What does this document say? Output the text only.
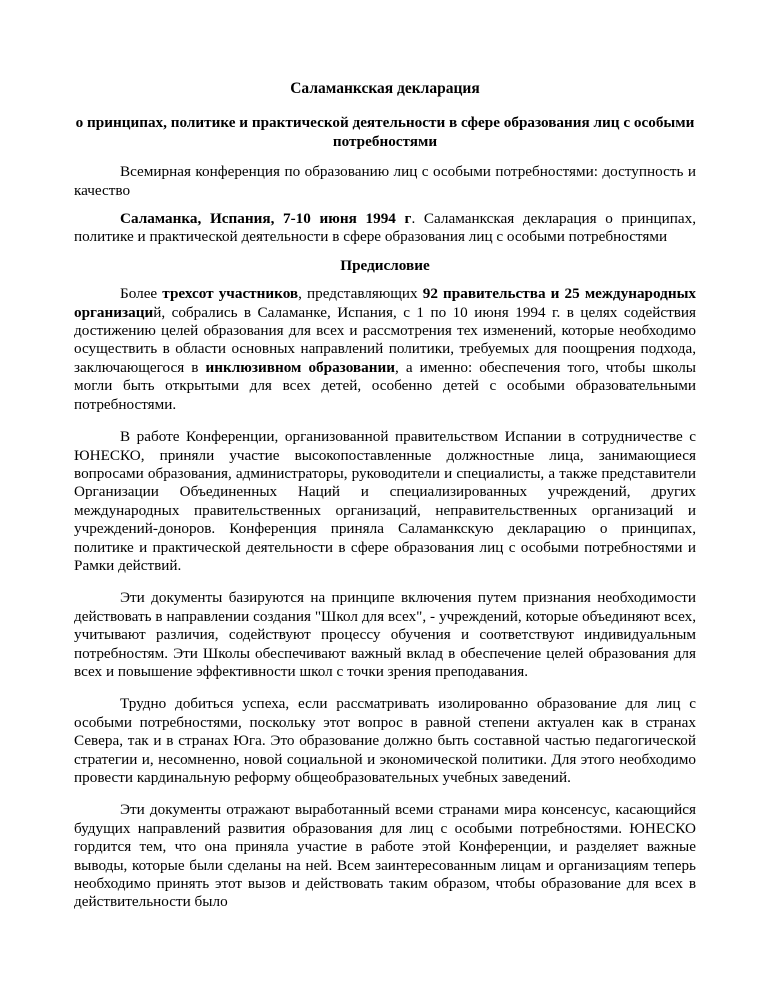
Саламанкская декларация
о принципах, политике и практической деятельности в сфере образования лиц с особыми потребностями

Всемирная конференция по образованию лиц с особыми потребностями: доступность и качество

Саламанка, Испания, 7-10 июня 1994 г. Саламанкская декларация о принципах, политике и практической деятельности в сфере образования лиц с особыми потребностями

Предисловие

Более трехсот участников, представляющих 92 правительства и 25 международных организаций, собрались в Саламанке, Испания, с 1 по 10 июня 1994 г. в целях содействия достижению целей образования для всех и рассмотрения тех изменений, которые необходимо осуществить в области основных направлений политики, требуемых для поощрения подхода, заключающегося в инклюзивном образовании, а именно: обеспечения того, чтобы школы могли быть открытыми для всех детей, особенно детей с особыми образовательными потребностями.

В работе Конференции, организованной правительством Испании в сотрудничестве с ЮНЕСКО, приняли участие высокопоставленные должностные лица, занимающиеся вопросами образования, администраторы, руководители и специалисты, а также представители Организации Объединенных Наций и специализированных учреждений, других международных правительственных организаций, неправительственных организаций и учреждений-доноров. Конференция приняла Саламанкскую декларацию о принципах, политике и практической деятельности в сфере образования лиц с особыми потребностями и Рамки действий.

Эти документы базируются на принципе включения путем признания необходимости действовать в направлении создания "Школ для всех", - учреждений, которые объединяют всех, учитывают различия, содействуют процессу обучения и соответствуют индивидуальным потребностям. Эти Школы обеспечивают важный вклад в обеспечение целей образования для всех и повышение эффективности школ с точки зрения преподавания.

Трудно добиться успеха, если рассматривать изолированно образование для лиц с особыми потребностями, поскольку этот вопрос в равной степени актуален как в странах Севера, так и в странах Юга. Это образование должно быть составной частью педагогической стратегии и, несомненно, новой социальной и экономической политики. Для этого необходимо провести кардинальную реформу общеобразовательных учебных заведений.

Эти документы отражают выработанный всеми странами мира консенсус, касающийся будущих направлений развития образования для лиц с особыми потребностями. ЮНЕСКО гордится тем, что она приняла участие в работе этой Конференции, и разделяет важные выводы, которые были сделаны на ней. Всем заинтересованным лицам и организациям теперь необходимо принять этот вызов и действовать таким образом, чтобы образование для всех в действительности было
